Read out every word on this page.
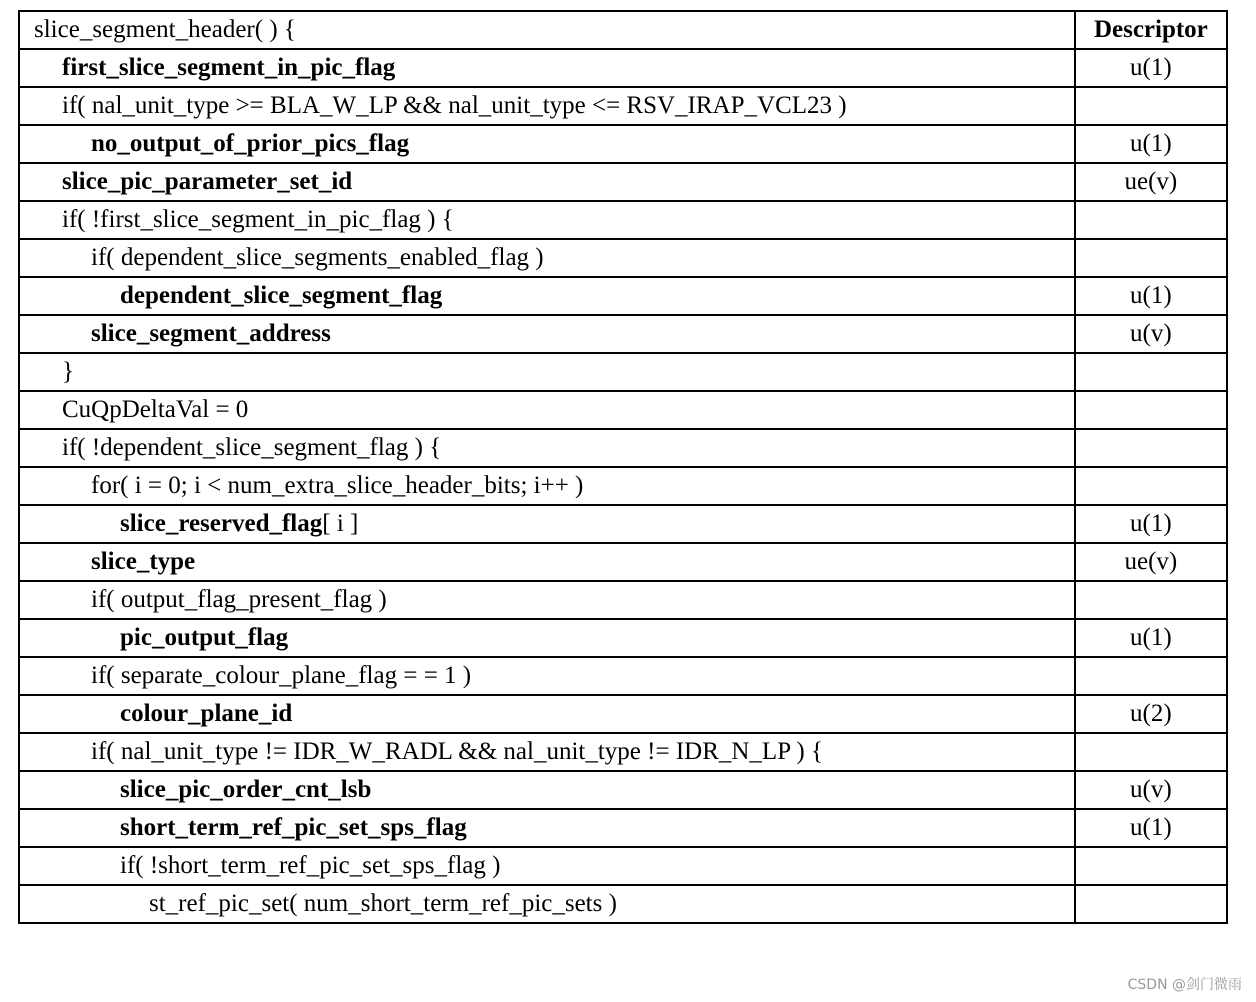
slice_segment_header( ) {	Descriptor
first_slice_segment_in_pic_flag	u(1)
if( nal_unit_type >= BLA_W_LP && nal_unit_type <= RSV_IRAP_VCL23 )	
no_output_of_prior_pics_flag	u(1)
slice_pic_parameter_set_id	ue(v)
if( !first_slice_segment_in_pic_flag ) {	
if( dependent_slice_segments_enabled_flag )	
dependent_slice_segment_flag	u(1)
slice_segment_address	u(v)
}	
CuQpDeltaVal = 0	
if( !dependent_slice_segment_flag ) {	
for( i = 0; i < num_extra_slice_header_bits; i++ )	
slice_reserved_flag[ i ]	u(1)
slice_type	ue(v)
if( output_flag_present_flag )	
pic_output_flag	u(1)
if( separate_colour_plane_flag = = 1 )	
colour_plane_id	u(2)
if( nal_unit_type != IDR_W_RADL && nal_unit_type != IDR_N_LP ) {	
slice_pic_order_cnt_lsb	u(v)
short_term_ref_pic_set_sps_flag	u(1)
if( !short_term_ref_pic_set_sps_flag )	
st_ref_pic_set( num_short_term_ref_pic_sets )	
CSDN @剑门微雨
